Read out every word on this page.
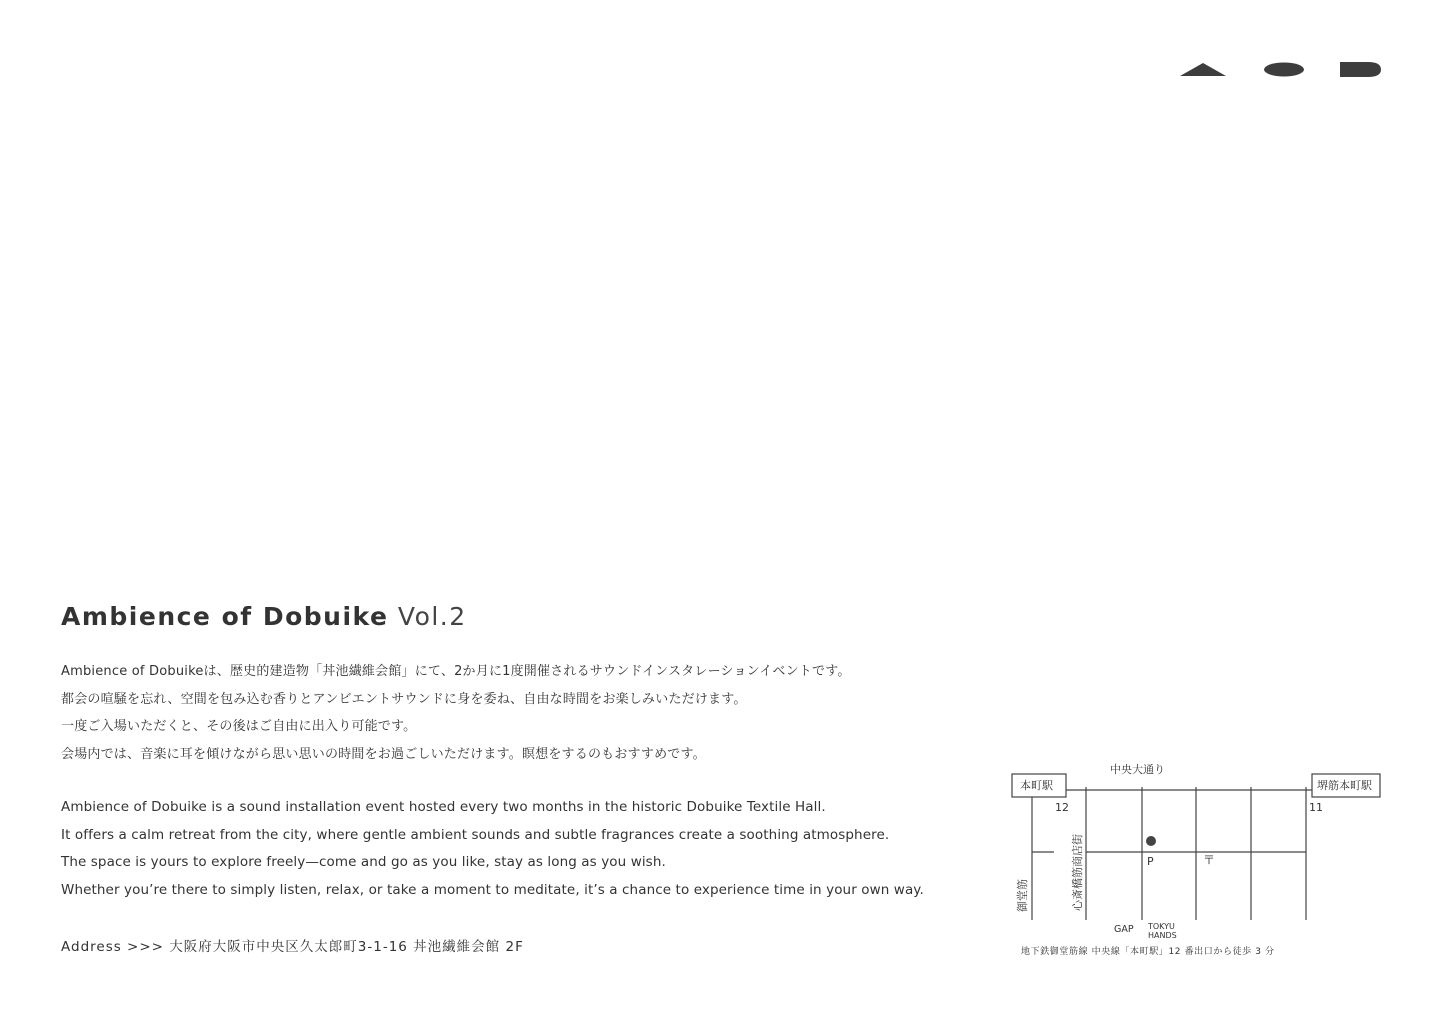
Ambience of Dobuike Vol.2
Ambience of Dobuikeは、歴史的建造物「丼池繊維会館」にて、2か月に1度開催されるサウンドインスタレーションイベントです。
都会の喧騒を忘れ、空間を包み込む香りとアンビエントサウンドに身を委ね、自由な時間をお楽しみいただけます。
一度ご入場いただくと、その後はご自由に出入り可能です。
会場内では、音楽に耳を傾けながら思い思いの時間をお過ごしいただけます。瞑想をするのもおすすめです。
Ambience of Dobuike is a sound installation event hosted every two months in the historic Dobuike Textile Hall.
It offers a calm retreat from the city, where gentle ambient sounds and subtle fragrances create a soothing atmosphere.
The space is yours to explore freely—come and go as you like, stay as long as you wish.
Whether you’re there to simply listen, relax, or take a moment to meditate, it’s a chance to experience time in your own way.
Address >>> 大阪府大阪市中央区久太郎町3-1-16 丼池繊維会館 2F
中央大通り
本町駅	堺筋本町駅
12	11
P	〒
御堂筋	心斎橋筋商店街
GAP TOKYU
HANDS
地下鉄御堂筋線 中央線「本町駅」12 番出口から徒歩 3 分
